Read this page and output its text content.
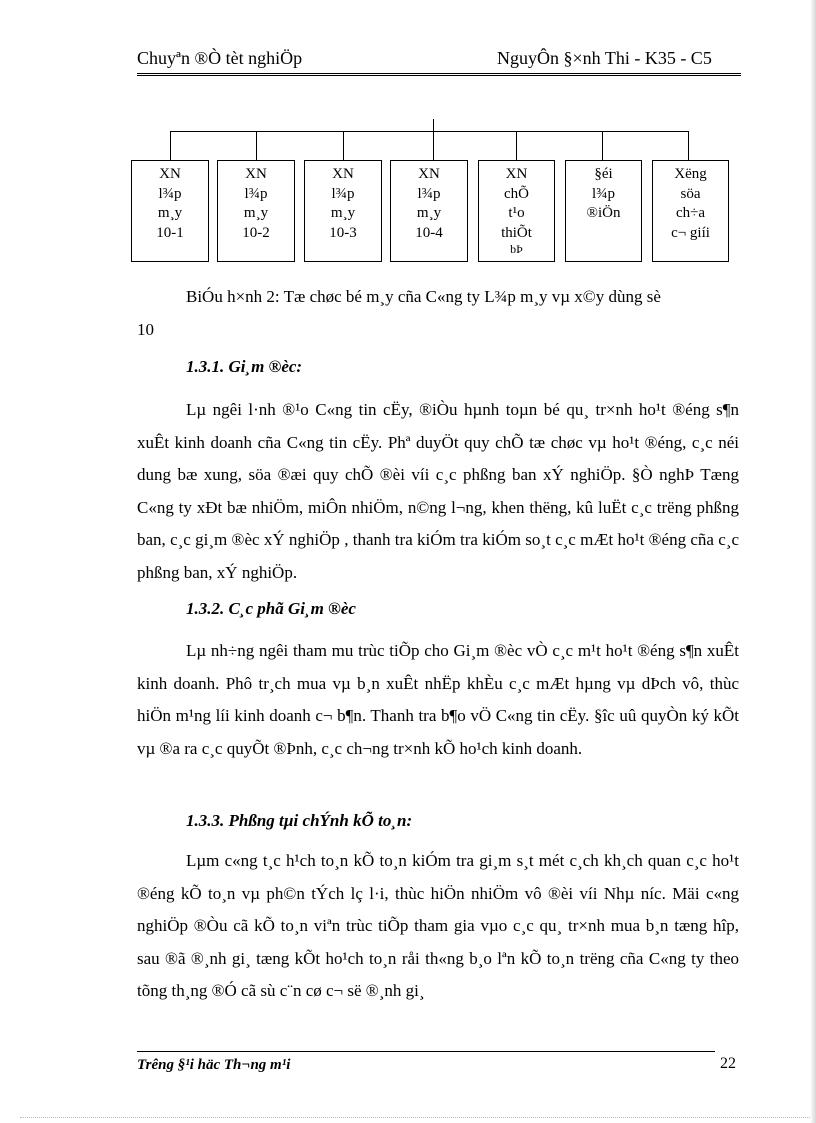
Chuyªn ®Ò tèt nghiÖp	NguyÔn §×nh Thi - K35 - C5
XN
l¾p
m¸y
10-1
XN
l¾p
m¸y
10-2
XN
l¾p
m¸y
10-3
XN
l¾p
m¸y
10-4
XN
chÕ
t¹o
thiÕt
bÞ
§éi
l¾p
®iÖn
Xëng
söa
ch÷a
c¬ giíi
BiÓu h×nh 2: Tæ chøc bé m¸y cña C«ng ty L¾p m¸y vµ x©y dùng sè
10
1.3.1. Gi¸m ®èc:
Lµ ngêi l·nh ®¹o C«ng tin cËy, ®iÒu hµnh toµn bé qu¸ tr×nh ho¹t ®éng s¶n xuÊt kinh doanh cña C«ng tin cËy. Phª duyÖt quy chÕ tæ chøc vµ ho¹t ®éng, c¸c néi dung bæ xung, söa ®æi quy chÕ ®èi víi c¸c phßng ban xÝ nghiÖp. §Ò nghÞ Tæng C«ng ty xÐt bæ nhiÖm, miÔn nhiÖm, n©ng l¬ng, khen thëng, kû luËt c¸c trëng phßng ban, c¸c gi¸m ®èc xÝ nghiÖp , thanh tra kiÓm tra kiÓm so¸t c¸c mÆt ho¹t ®éng cña c¸c phßng ban, xÝ nghiÖp.
1.3.2. C¸c phã Gi¸m ®èc
Lµ nh÷ng ngêi tham mu trùc tiÕp cho Gi¸m ®èc vÒ c¸c m¹t ho¹t ®éng s¶n xuÊt kinh doanh. Phô tr¸ch mua vµ b¸n xuÊt nhËp khÈu c¸c mÆt hµng vµ dÞch vô, thùc hiÖn m¹ng líi kinh doanh c¬ b¶n. Thanh tra b¶o vÖ C«ng tin cËy. §îc uû quyÒn ký kÕt vµ ®a ra c¸c quyÕt ®Þnh, c¸c ch¬ng tr×nh kÕ ho¹ch kinh doanh.
1.3.3. Phßng tµi chÝnh kÕ to¸n:
Lµm c«ng t¸c h¹ch to¸n kÕ to¸n kiÓm tra gi¸m s¸t mét c¸ch kh¸ch quan c¸c ho¹t ®éng kÕ to¸n vµ ph©n tÝch lç l·i, thùc hiÖn nhiÖm vô ®èi víi Nhµ níc. Mäi c«ng nghiÖp ®Òu cã kÕ to¸n viªn trùc tiÕp tham gia vµo c¸c qu¸ tr×nh mua b¸n tæng hîp, sau ®ã ®¸nh gi¸ tæng kÕt ho¹ch to¸n råi th«ng b¸o lªn kÕ to¸n trëng cña C«ng ty theo tõng th¸ng ®Ó cã sù c¨n cø c¬ së ®¸nh gi¸
Trêng §¹i häc Th¬ng m¹i	22
